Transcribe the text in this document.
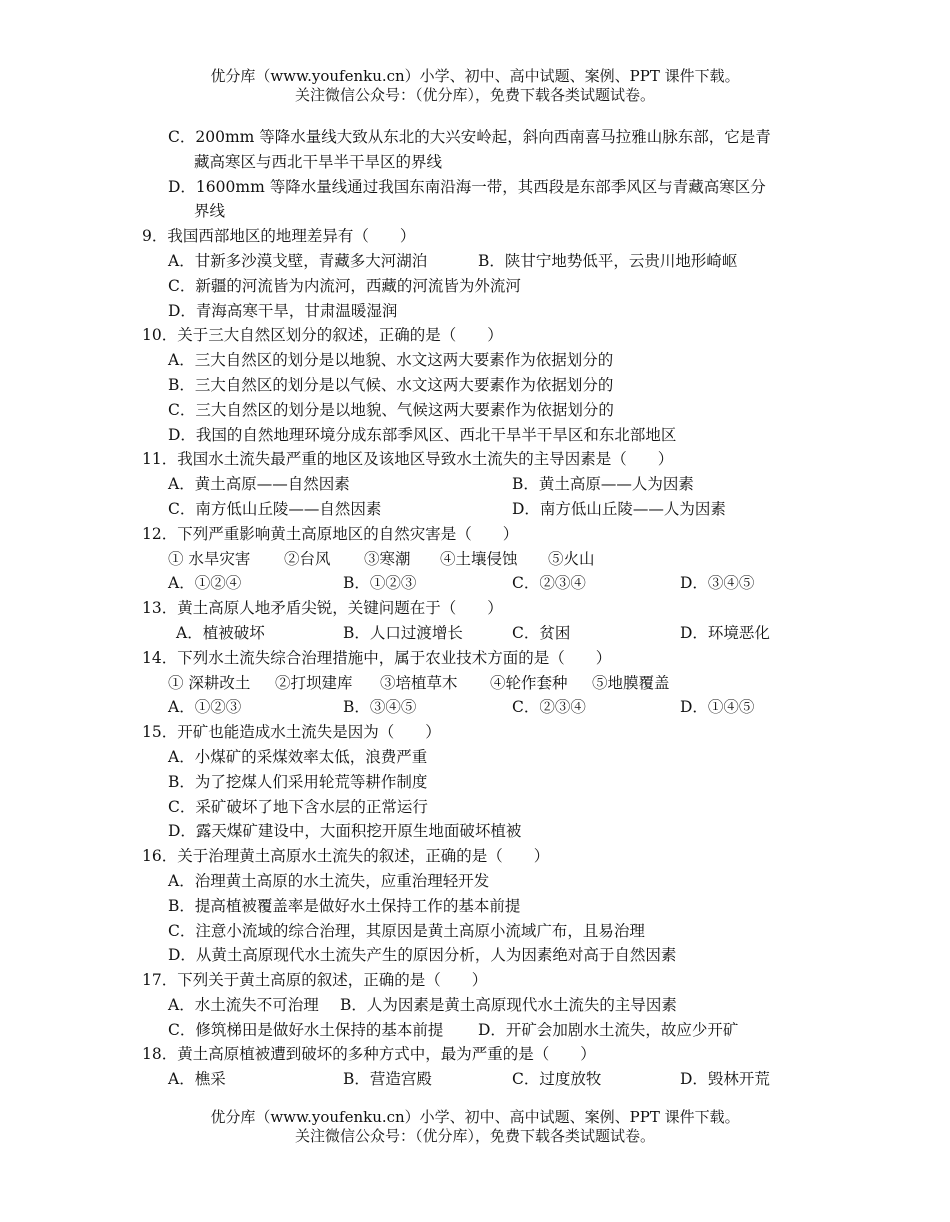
优分库（www.youfenku.cn）小学、初中、高中试题、案例、PPT 课件下载。
关注微信公众号：（优分库），免费下载各类试题试卷。
C．200mm 等降水量线大致从东北的大兴安岭起，斜向西南喜马拉雅山脉东部，它是青
藏高寒区与西北干旱半干旱区的界线
D．1600mm 等降水量线通过我国东南沿海一带，其西段是东部季风区与青藏高寒区分
界线
9．我国西部地区的地理差异有（　　）
A．甘新多沙漠戈壁，青藏多大河湖泊	B．陕甘宁地势低平，云贵川地形崎岖
C．新疆的河流皆为内流河，西藏的河流皆为外流河
D．青海高寒干旱，甘肃温暖湿润
10．关于三大自然区划分的叙述，正确的是（　　）
A．三大自然区的划分是以地貌、水文这两大要素作为依据划分的
B．三大自然区的划分是以气候、水文这两大要素作为依据划分的
C．三大自然区的划分是以地貌、气候这两大要素作为依据划分的
D．我国的自然地理环境分成东部季风区、西北干旱半干旱区和东北部地区
11．我国水土流失最严重的地区及该地区导致水土流失的主导因素是（　　）
A．黄土高原——自然因素	B．黄土高原——人为因素
C．南方低山丘陵——自然因素	D．南方低山丘陵——人为因素
12．下列严重影响黄土高原地区的自然灾害是（　　）
① 水旱灾害 ②台风 ③寒潮 ④土壤侵蚀 ⑤火山
A．①②④	B．①②③	C．②③④	D．③④⑤
13．黄土高原人地矛盾尖锐，关键问题在于（　　）
A．植被破坏	B．人口过渡增长	C．贫困	D．环境恶化
14．下列水土流失综合治理措施中，属于农业技术方面的是（　　）
① 深耕改土 ②打坝建库 ③培植草木 ④轮作套种 ⑤地膜覆盖
A．①②③	B．③④⑤	C．②③④	D．①④⑤
15．开矿也能造成水土流失是因为（　　）
A．小煤矿的采煤效率太低，浪费严重
B．为了挖煤人们采用轮荒等耕作制度
C．采矿破坏了地下含水层的正常运行
D．露天煤矿建设中，大面积挖开原生地面破坏植被
16．关于治理黄土高原水土流失的叙述，正确的是（　　）
A．治理黄土高原的水土流失，应重治理轻开发
B．提高植被覆盖率是做好水土保持工作的基本前提
C．注意小流域的综合治理，其原因是黄土高原小流域广布，且易治理
D．从黄土高原现代水土流失产生的原因分析，人为因素绝对高于自然因素
17．下列关于黄土高原的叙述，正确的是（　　）
A．水土流失不可治理 B．人为因素是黄土高原现代水土流失的主导因素
C．修筑梯田是做好水土保持的基本前提 D．开矿会加剧水土流失，故应少开矿
18．黄土高原植被遭到破坏的多种方式中，最为严重的是（　　）
A．樵采	B．营造宫殿	C．过度放牧	D．毁林开荒
优分库（www.youfenku.cn）小学、初中、高中试题、案例、PPT 课件下载。
关注微信公众号：（优分库），免费下载各类试题试卷。
